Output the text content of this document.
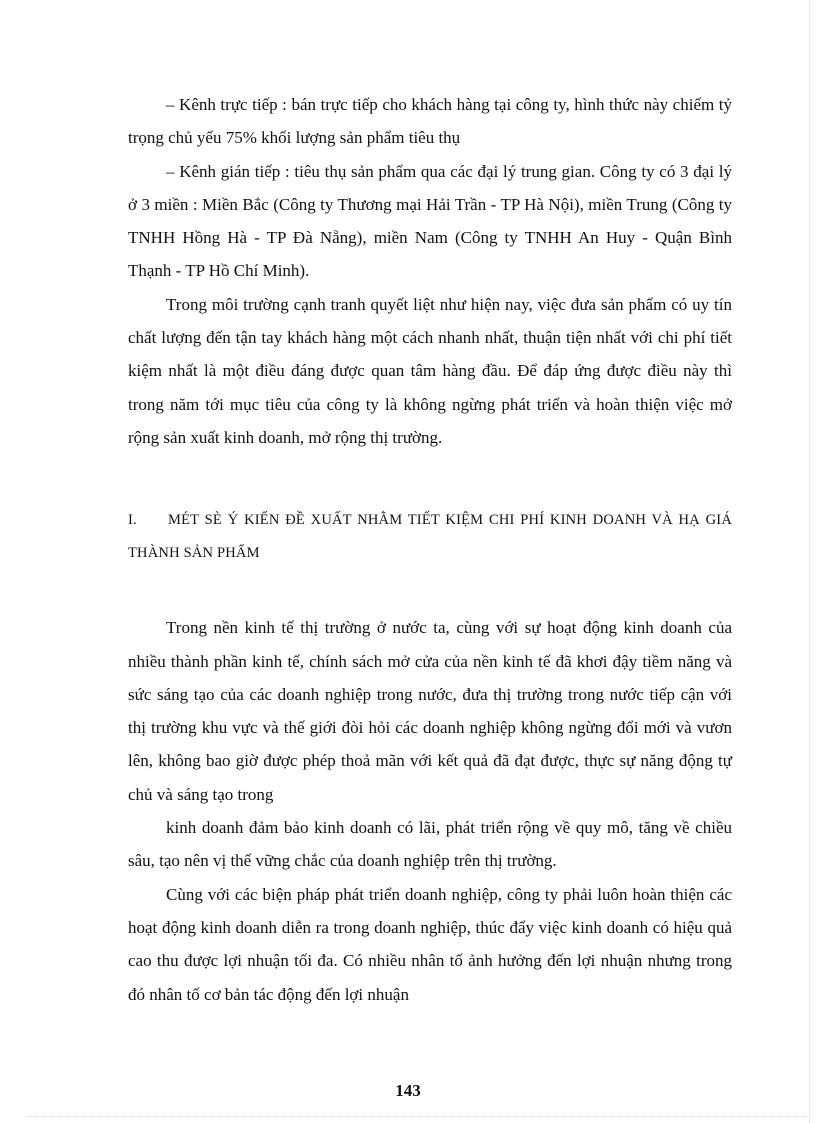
– Kênh trực tiếp : bán trực tiếp cho khách hàng tại công ty, hình thức này chiếm tỷ trọng chủ yếu 75% khối lượng sản phẩm tiêu thụ

– Kênh gián tiếp : tiêu thụ sản phẩm qua các đại lý trung gian. Công ty có 3 đại lý ở 3 miền : Miền Bắc (Công ty Thương mại Hải Trần - TP Hà Nội), miền Trung (Công ty TNHH Hồng Hà - TP Đà Nẵng), miền Nam (Công ty TNHH An Huy - Quận Bình Thạnh - TP Hồ Chí Minh).

Trong môi trường cạnh tranh quyết liệt như hiện nay, việc đưa sản phẩm có uy tín chất lượng đến tận tay khách hàng một cách nhanh nhất, thuận tiện nhất với chi phí tiết kiệm nhất là một điều đáng được quan tâm hàng đầu. Để đáp ứng được điều này thì trong năm tới mục tiêu của công ty là không ngừng phát triển và hoàn thiện việc mở rộng sản xuất kinh doanh, mở rộng thị trường.

I. MÉT SÈ Ý KIẾN ĐỀ XUẤT NHẰM TIẾT KIỆM CHI PHÍ KINH DOANH VÀ HẠ GIÁ THÀNH SẢN PHẨM

Trong nền kinh tế thị trường ở nước ta, cùng với sự hoạt động kinh doanh của nhiều thành phần kinh tế, chính sách mở cửa của nền kinh tế đã khơi đậy tiềm năng và sức sáng tạo của các doanh nghiệp trong nước, đưa thị trường trong nước tiếp cận với thị trường khu vực và thế giới đòi hỏi các doanh nghiệp không ngừng đổi mới và vươn lên, không bao giờ được phép thoả mãn với kết quả đã đạt được, thực sự năng động tự chủ và sáng tạo trong

kinh doanh đảm bảo kinh doanh có lãi, phát triển rộng về quy mô, tăng về chiều sâu, tạo nên vị thế vững chắc của doanh nghiệp trên thị trường.

Cùng với các biện pháp phát triển doanh nghiệp, công ty phải luôn hoàn thiện các hoạt động kinh doanh diễn ra trong doanh nghiệp, thúc đẩy việc kinh doanh có hiệu quả cao thu được lợi nhuận tối đa. Có nhiều nhân tố ảnh hưởng đến lợi nhuận nhưng trong đó nhân tố cơ bản tác động đến lợi nhuận

143
